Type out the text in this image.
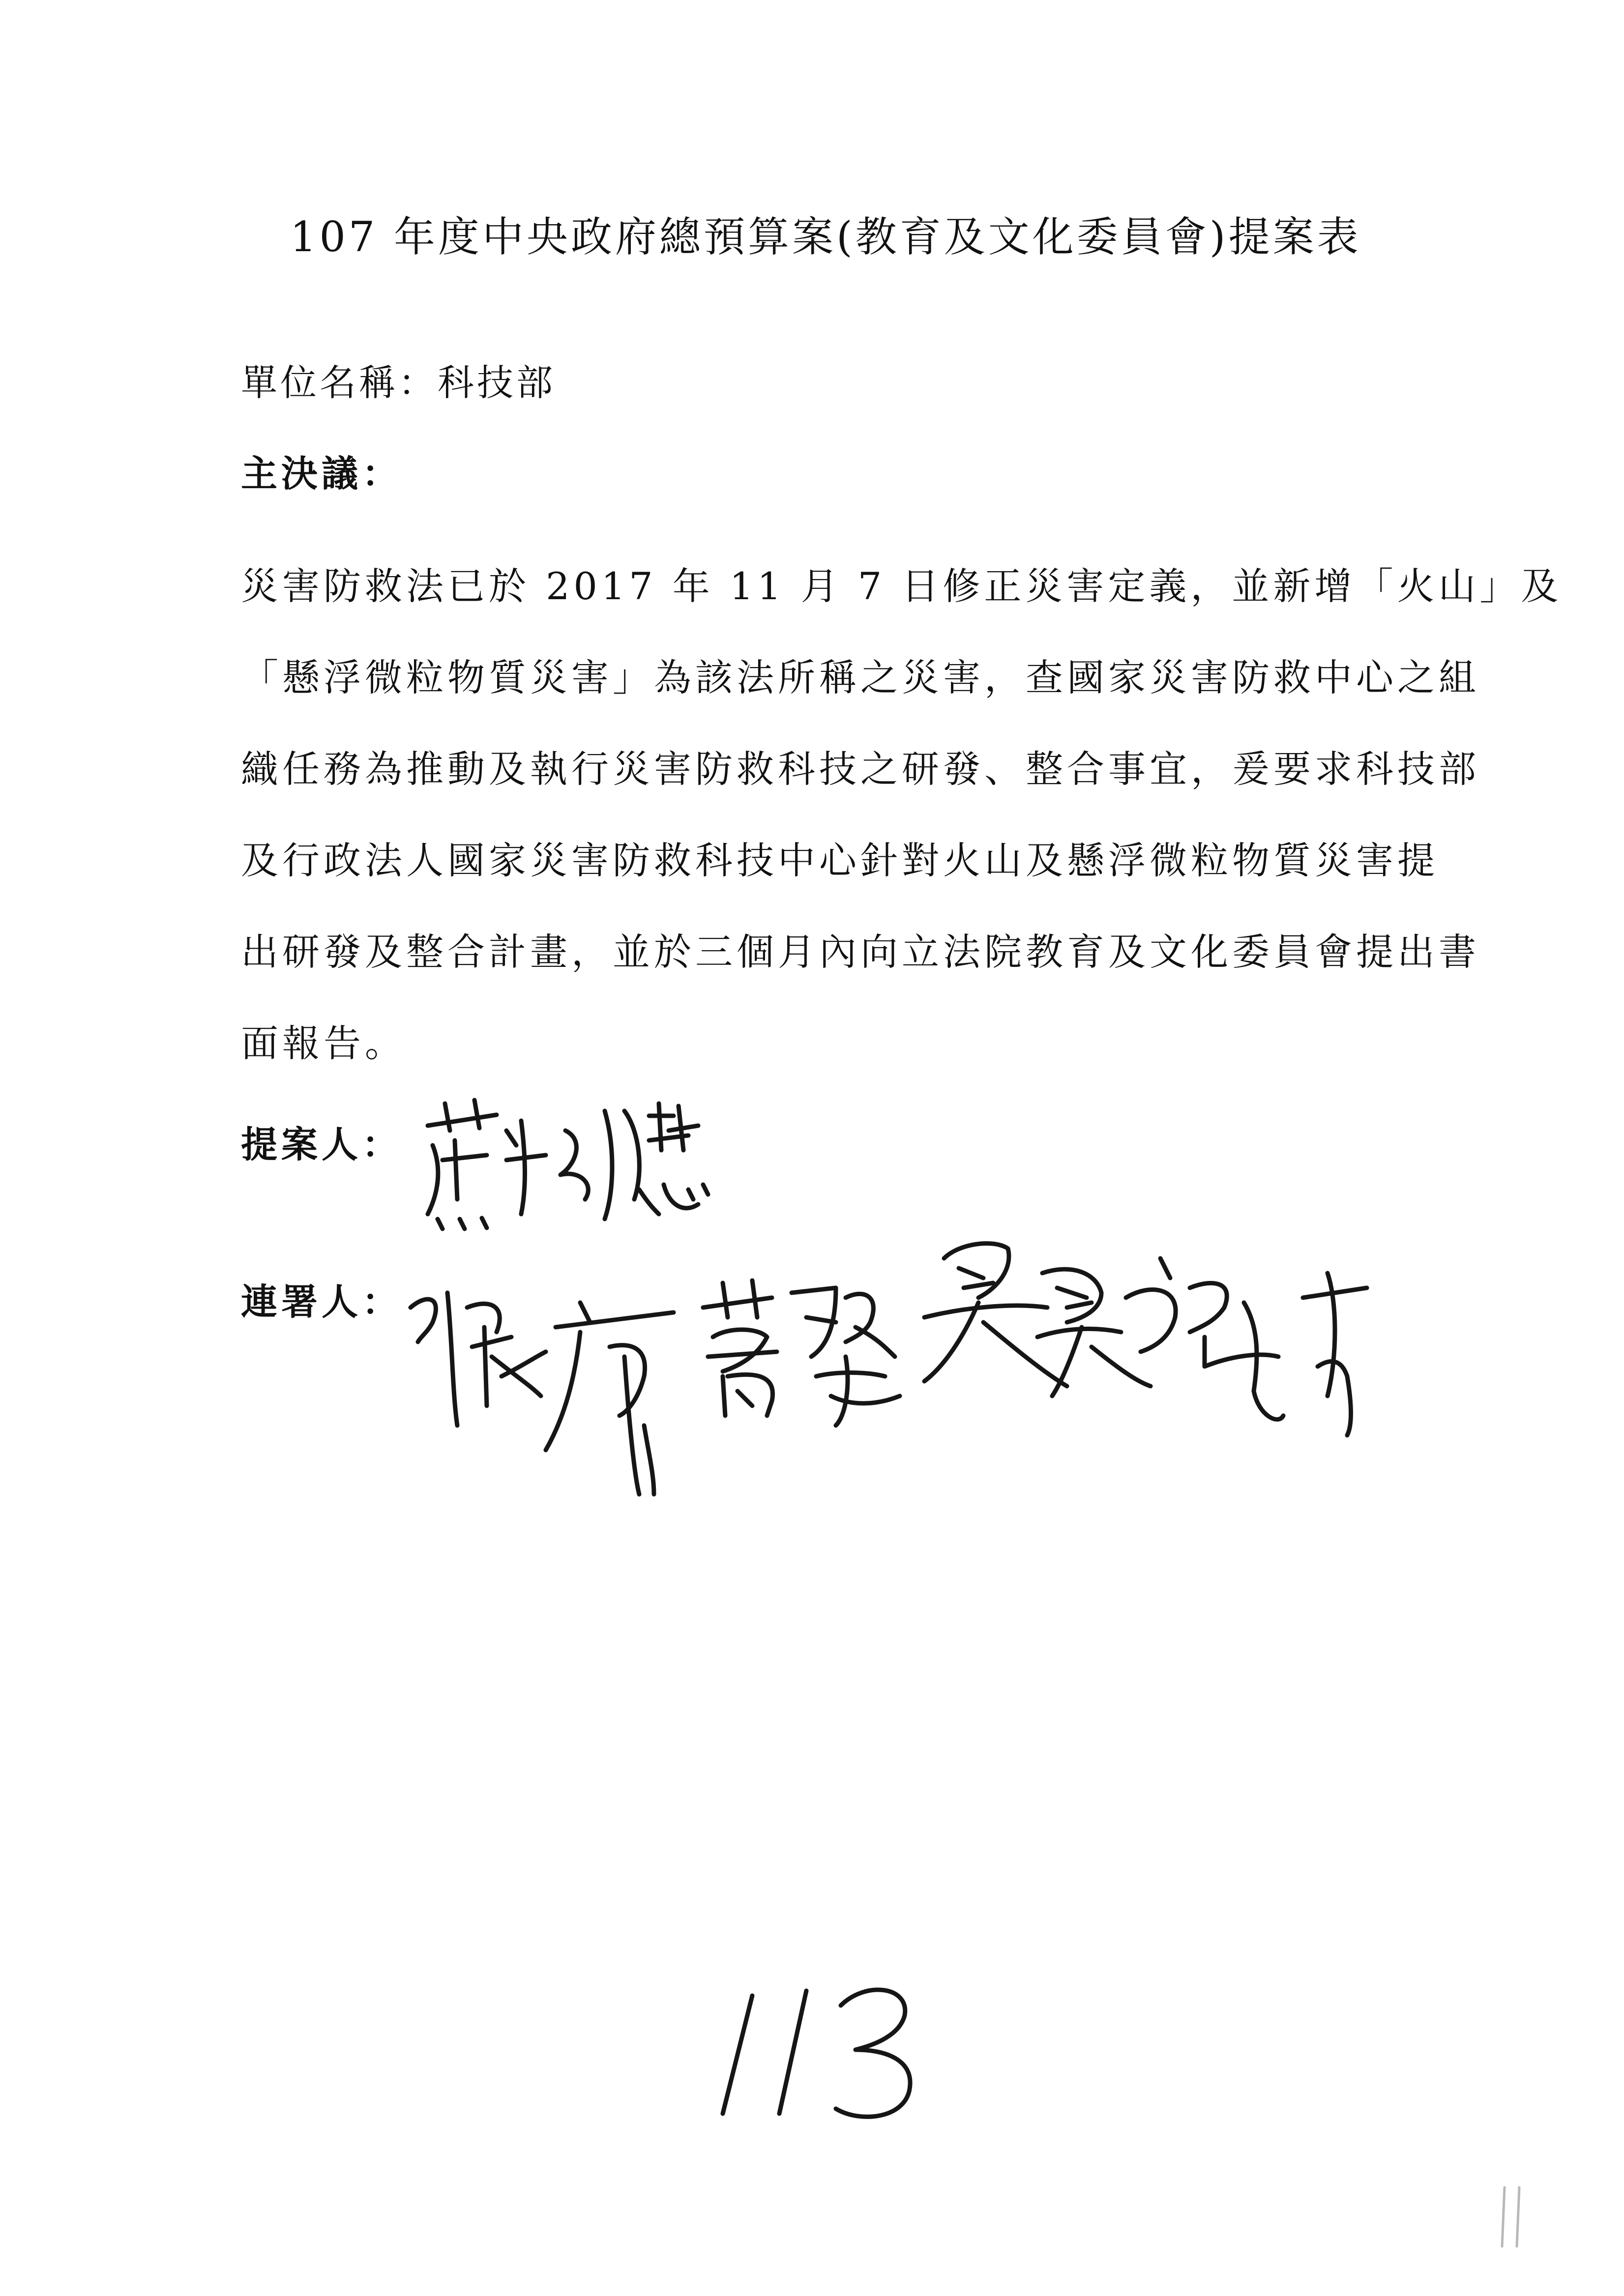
107 年度中央政府總預算案(教育及文化委員會)提案表
單位名稱：科技部
主決議：
災害防救法已於 2017 年 11 月 7 日修正災害定義，並新增「火山」及
「懸浮微粒物質災害」為該法所稱之災害，查國家災害防救中心之組
織任務為推動及執行災害防救科技之研發、整合事宜，爰要求科技部
及行政法人國家災害防救科技中心針對火山及懸浮微粒物質災害提
出研發及整合計畫，並於三個月內向立法院教育及文化委員會提出書
面報告。
提案人：
連署人：
